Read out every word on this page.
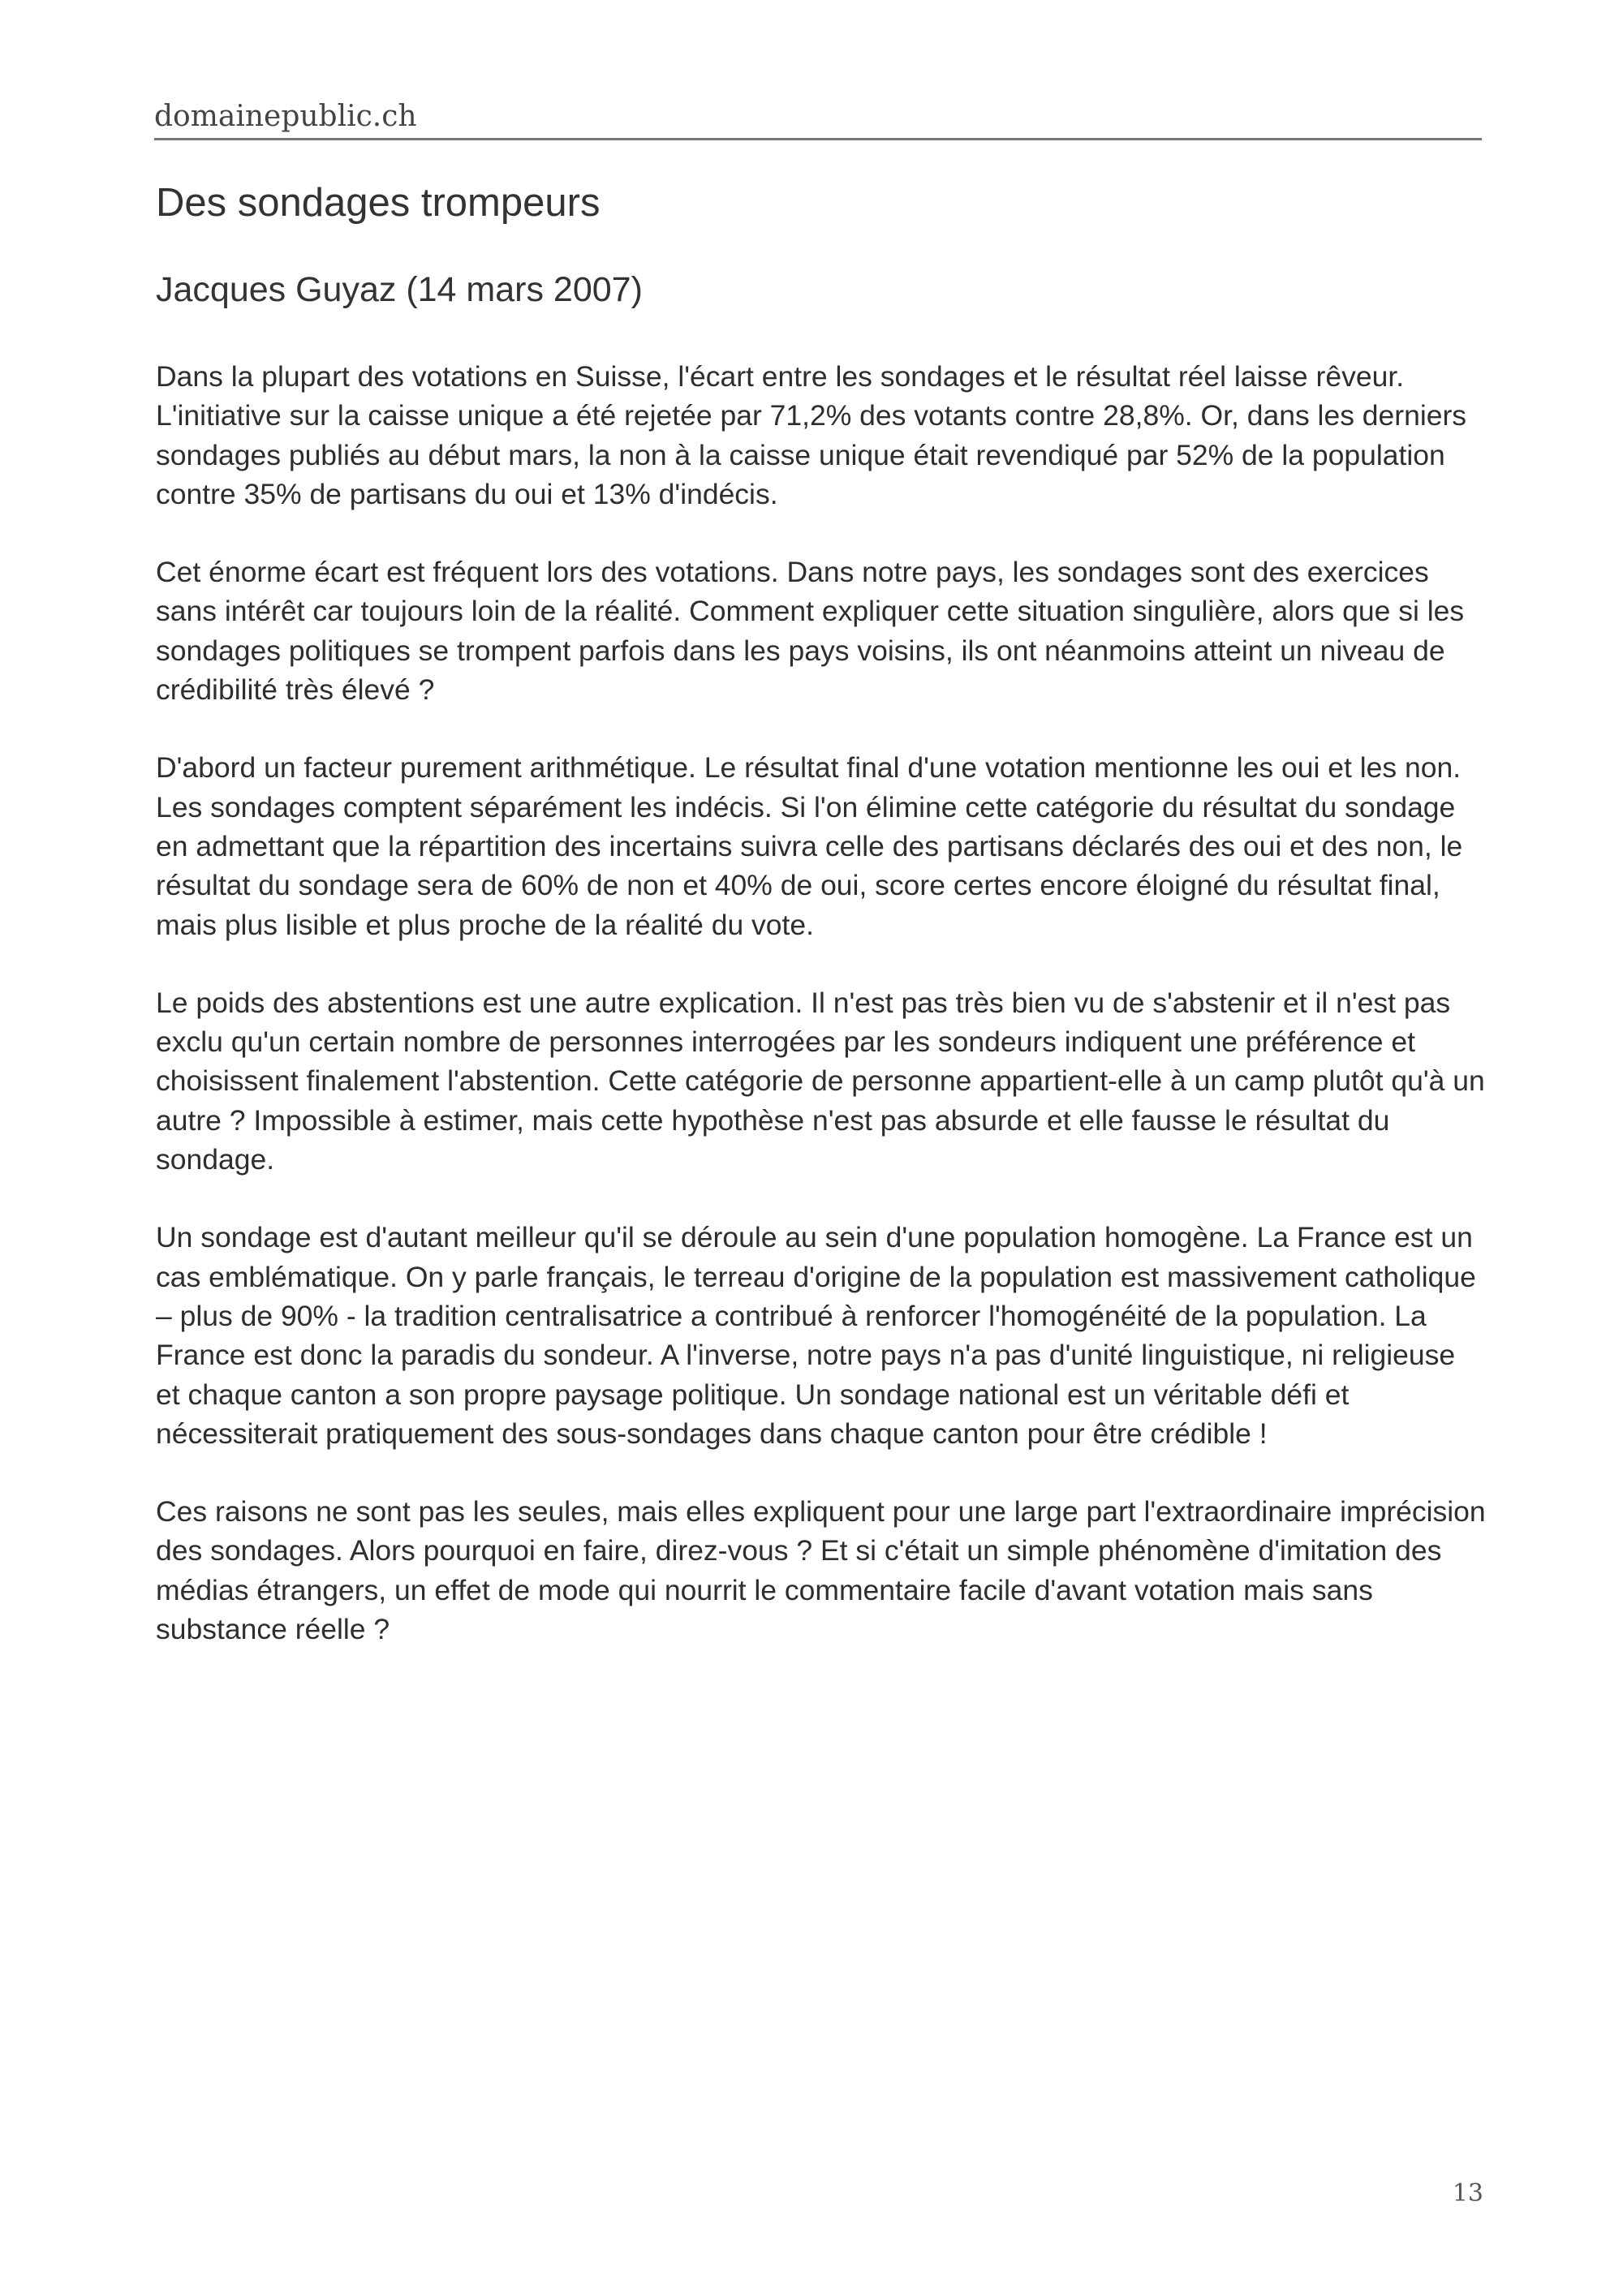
domainepublic.ch
Des sondages trompeurs

Jacques Guyaz (14 mars 2007)

Dans la plupart des votations en Suisse, l'écart entre les sondages et le résultat réel laisse rêveur. L'initiative sur la caisse unique a été rejetée par 71,2% des votants contre 28,8%. Or, dans les derniers sondages publiés au début mars, la non à la caisse unique était revendiqué par 52% de la population contre 35% de partisans du oui et 13% d'indécis.

Cet énorme écart est fréquent lors des votations. Dans notre pays, les sondages sont des exercices sans intérêt car toujours loin de la réalité. Comment expliquer cette situation singulière, alors que si les sondages politiques se trompent parfois dans les pays voisins, ils ont néanmoins atteint un niveau de crédibilité très élevé ?

D'abord un facteur purement arithmétique. Le résultat final d'une votation mentionne les oui et les non. Les sondages comptent séparément les indécis. Si l'on élimine cette catégorie du résultat du sondage en admettant que la répartition des incertains suivra celle des partisans déclarés des oui et des non, le résultat du sondage sera de 60% de non et 40% de oui, score certes encore éloigné du résultat final, mais plus lisible et plus proche de la réalité du vote.

Le poids des abstentions est une autre explication. Il n'est pas très bien vu de s'abstenir et il n'est pas exclu qu'un certain nombre de personnes interrogées par les sondeurs indiquent une préférence et choisissent finalement l'abstention. Cette catégorie de personne appartient-elle à un camp plutôt qu'à un autre ? Impossible à estimer, mais cette hypothèse n'est pas absurde et elle fausse le résultat du sondage.

Un sondage est d'autant meilleur qu'il se déroule au sein d'une population homogène. La France est un cas emblématique. On y parle français, le terreau d'origine de la population est massivement catholique – plus de 90% - la tradition centralisatrice a contribué à renforcer l'homogénéité de la population. La France est donc la paradis du sondeur. A l'inverse, notre pays n'a pas d'unité linguistique, ni religieuse et chaque canton a son propre paysage politique. Un sondage national est un véritable défi et nécessiterait pratiquement des sous-sondages dans chaque canton pour être crédible !

Ces raisons ne sont pas les seules, mais elles expliquent pour une large part l'extraordinaire imprécision des sondages. Alors pourquoi en faire, direz-vous ? Et si c'était un simple phénomène d'imitation des médias étrangers, un effet de mode qui nourrit le commentaire facile d'avant votation mais sans substance réelle ?

13
